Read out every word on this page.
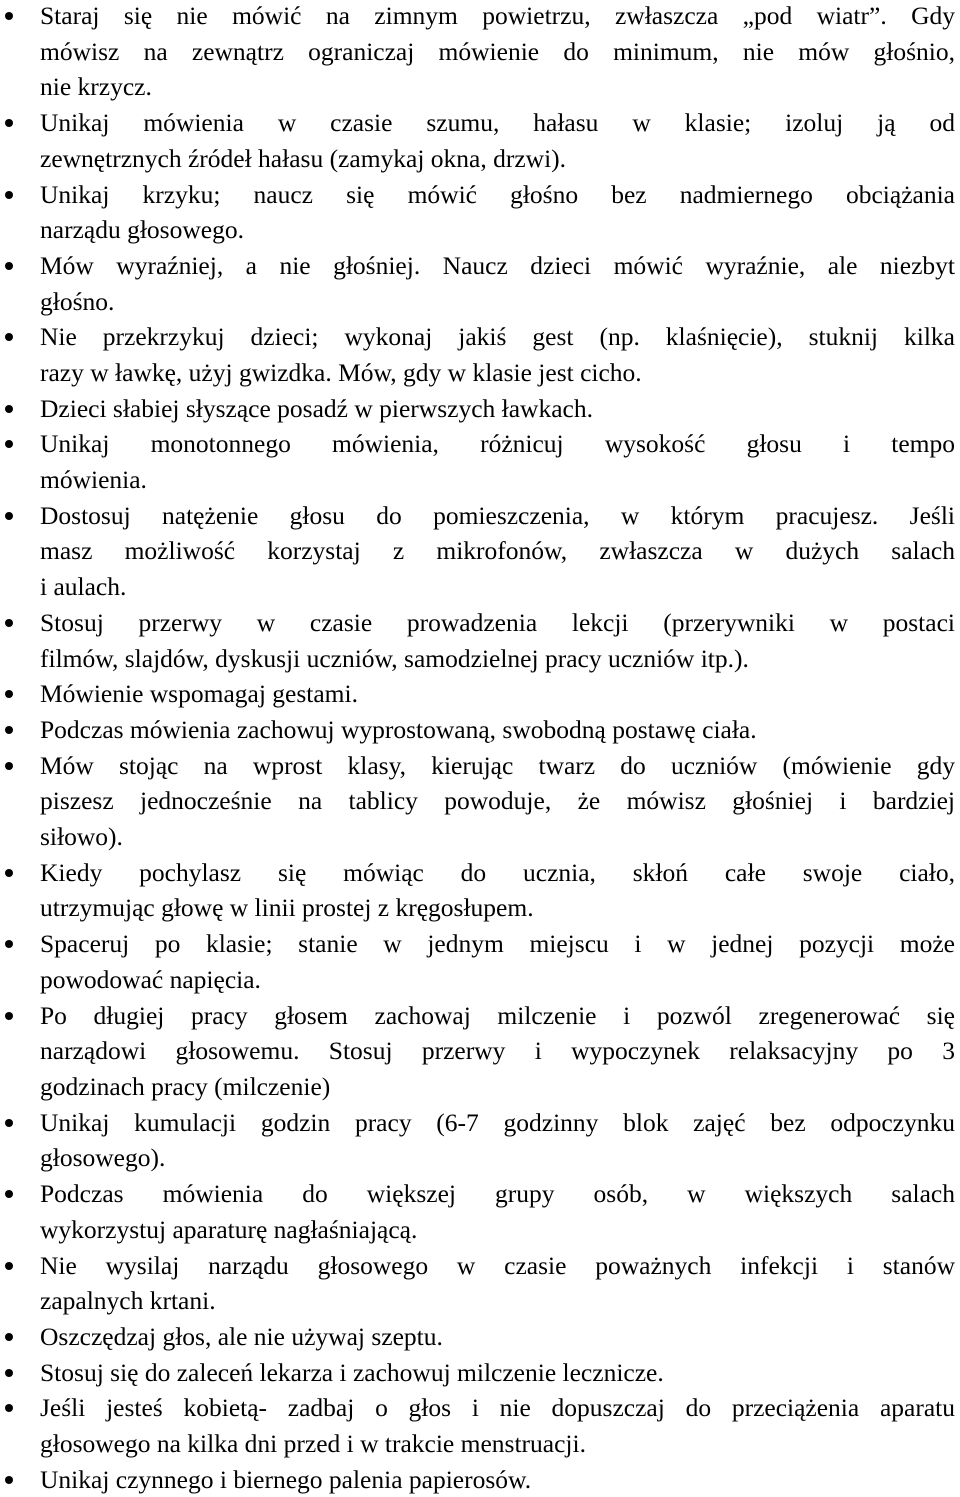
Staraj się nie mówić na zimnym powietrzu, zwłaszcza „pod wiatr”. Gdy
mówisz na zewnątrz ograniczaj mówienie do minimum, nie mów głośnio,
nie krzycz.
Unikaj mówienia w czasie szumu, hałasu w klasie; izoluj ją od
zewnętrznych źródeł hałasu (zamykaj okna, drzwi).
Unikaj krzyku; naucz się mówić głośno bez nadmiernego obciążania
narządu głosowego.
Mów wyraźniej, a nie głośniej. Naucz dzieci mówić wyraźnie, ale niezbyt
głośno.
Nie przekrzykuj dzieci; wykonaj jakiś gest (np. klaśnięcie), stuknij kilka
razy w ławkę, użyj gwizdka. Mów, gdy w klasie jest cicho.
Dzieci słabiej słyszące posadź w pierwszych ławkach.
Unikaj monotonnego mówienia, różnicuj wysokość głosu i tempo
mówienia.
Dostosuj natężenie głosu do pomieszczenia, w którym pracujesz. Jeśli
masz możliwość korzystaj z mikrofonów, zwłaszcza w dużych salach
i aulach.
Stosuj przerwy w czasie prowadzenia lekcji (przerywniki w postaci
filmów, slajdów, dyskusji uczniów, samodzielnej pracy uczniów itp.).
Mówienie wspomagaj gestami.
Podczas mówienia zachowuj wyprostowaną, swobodną postawę ciała.
Mów stojąc na wprost klasy, kierując twarz do uczniów (mówienie gdy
piszesz jednocześnie na tablicy powoduje, że mówisz głośniej i bardziej
siłowo).
Kiedy pochylasz się mówiąc do ucznia, skłoń całe swoje ciało,
utrzymując głowę w linii prostej z kręgosłupem.
Spaceruj po klasie; stanie w jednym miejscu i w jednej pozycji może
powodować napięcia.
Po długiej pracy głosem zachowaj milczenie i pozwól zregenerować się
narządowi głosowemu. Stosuj przerwy i wypoczynek relaksacyjny po 3
godzinach pracy (milczenie)
Unikaj kumulacji godzin pracy (6-7 godzinny blok zajęć bez odpoczynku
głosowego).
Podczas mówienia do większej grupy osób, w większych salach
wykorzystuj aparaturę nagłaśniającą.
Nie wysilaj narządu głosowego w czasie poważnych infekcji i stanów
zapalnych krtani.
Oszczędzaj głos, ale nie używaj szeptu.
Stosuj się do zaleceń lekarza i zachowuj milczenie lecznicze.
Jeśli jesteś kobietą- zadbaj o głos i nie dopuszczaj do przeciążenia aparatu
głosowego na kilka dni przed i w trakcie menstruacji.
Unikaj czynnego i biernego palenia papierosów.
